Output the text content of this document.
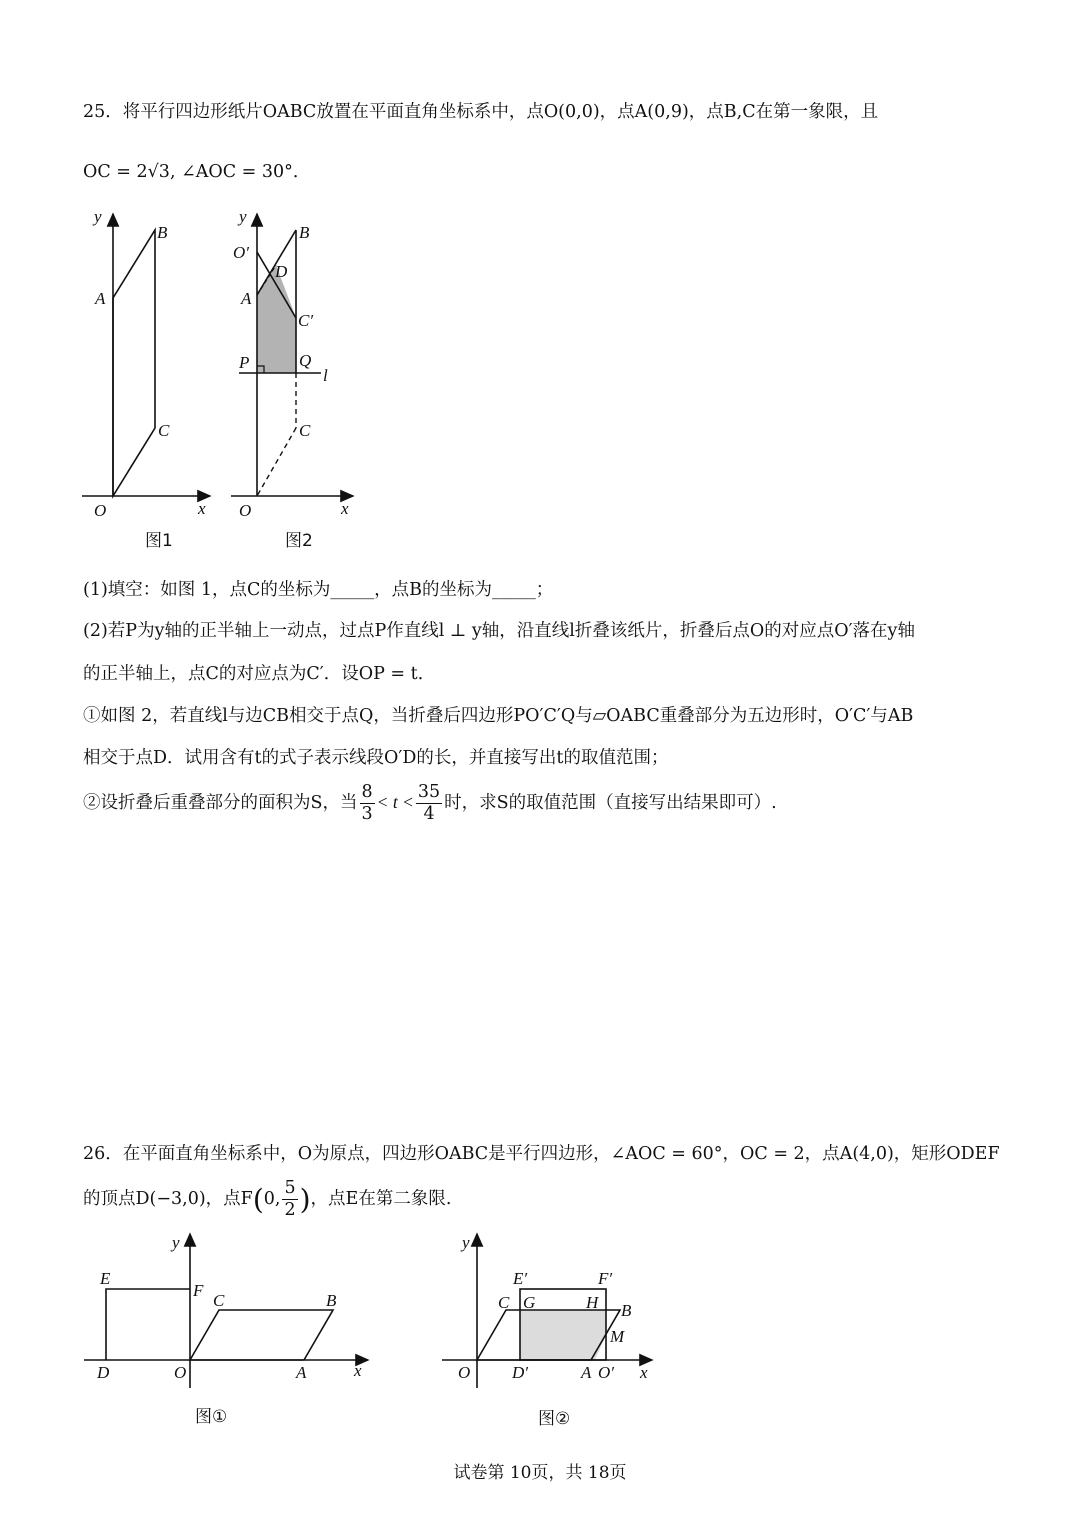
25．将平行四边形纸片OABC放置在平面直角坐标系中，点O(0,0)，点A(0,9)，点B,C在第一象限，且
OC = 2√3, ∠AOC = 30°．
y
x
O
A
B
C
图1
y
x
O
A
B
C
O′
D
C′
P	Q
l
图2
(1)填空：如图 1，点C的坐标为_____，点B的坐标为_____；
(2)若P为y轴的正半轴上一动点，过点P作直线l ⊥ y轴，沿直线l折叠该纸片，折叠后点O的对应点O′落在y轴
的正半轴上，点C的对应点为C′．设OP = t．
①如图 2，若直线l与边CB相交于点Q，当折叠后四边形PO′C′Q与▱OABC重叠部分为五边形时，O′C′与AB
相交于点D．试用含有t的式子表示线段O′D的长，并直接写出t的取值范围；
②设折叠后重叠部分的面积为S，当 $\frac{8}{3} < t < \frac{35}{4}$ 时，求S的取值范围（直接写出结果即可）.
26．在平面直角坐标系中，O为原点，四边形OABC是平行四边形，∠AOC = 60°，OC = 2，点A(4,0)，矩形ODEF
的顶点D(−3,0)，点F(0, $\frac{5}{2}$ )，点E在第二象限.
y
x
E
F
C	B
D	O	A
图①
y
x
E′	F′
C G	H B
M
O D′	A O′
图②
试卷第 10页，共 18页
